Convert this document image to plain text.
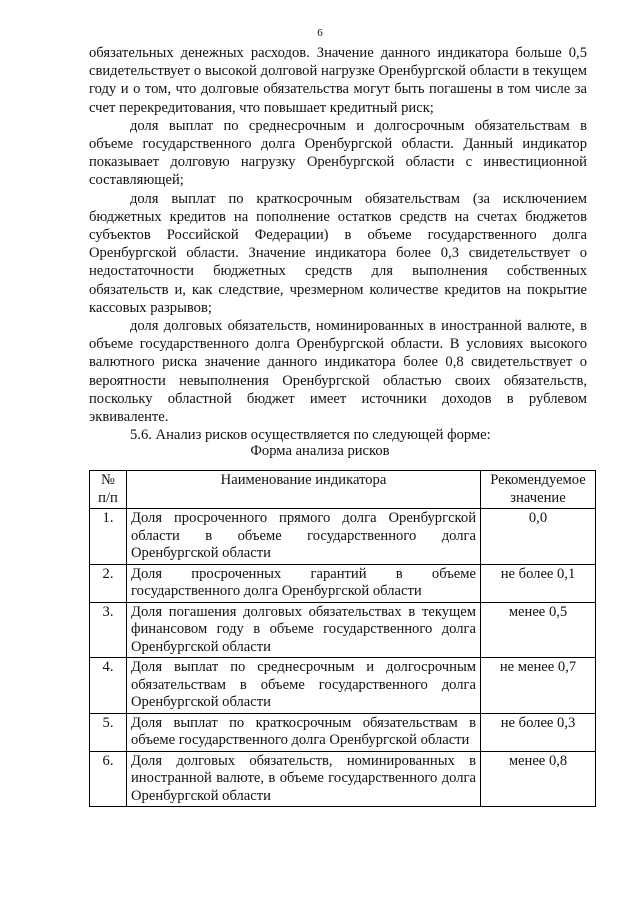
6

обязательных денежных расходов. Значение данного индикатора больше 0,5 свидетельствует о высокой долговой нагрузке Оренбургской области в текущем году и о том, что долговые обязательства могут быть погашены в том числе за счет перекредитования, что повышает кредитный риск;

доля выплат по среднесрочным и долгосрочным обязательствам в объеме государственного долга Оренбургской области. Данный индикатор показывает долговую нагрузку Оренбургской области с инвестиционной составляющей;

доля выплат по краткосрочным обязательствам (за исключением бюджетных кредитов на пополнение остатков средств на счетах бюджетов субъектов Российской Федерации) в объеме государственного долга Оренбургской области. Значение индикатора более 0,3 свидетельствует о недостаточности бюджетных средств для выполнения собственных обязательств и, как следствие, чрезмерном количестве кредитов на покрытие кассовых разрывов;

доля долговых обязательств, номинированных в иностранной валюте, в объеме государственного долга Оренбургской области. В условиях высокого валютного риска значение данного индикатора более 0,8 свидетельствует о вероятности невыполнения Оренбургской областью своих обязательств, поскольку областной бюджет имеет источники доходов в рублевом эквиваленте.

5.6. Анализ рисков осуществляется по следующей форме:

Форма анализа рисков
№ п/п	Наименование индикатора	Рекомендуемое значение
1.	Доля просроченного прямого долга Оренбургской области в объеме государственного долга Оренбургской области	0,0
2.	Доля просроченных гарантий в объеме государственного долга Оренбургской области	не более 0,1
3.	Доля погашения долговых обязательствах в текущем финансовом году в объеме государственного долга Оренбургской области	менее 0,5
4.	Доля выплат по среднесрочным и долгосрочным обязательствам в объеме государственного долга Оренбургской области	не менее 0,7
5.	Доля выплат по краткосрочным обязательствам в объеме государственного долга Оренбургской области	не более 0,3
6.	Доля долговых обязательств, номинированных в иностранной валюте, в объеме государственного долга Оренбургской области	менее 0,8
